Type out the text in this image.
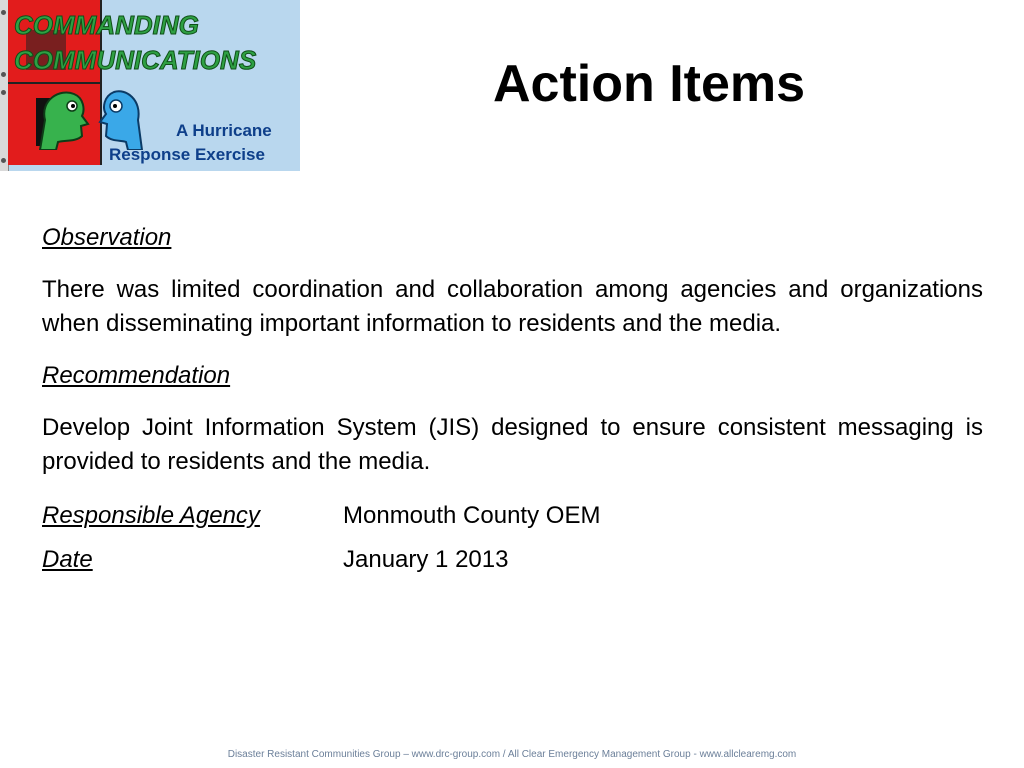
COMMANDING
COMMUNICATIONS
A Hurricane
Response Exercise
Action Items
Observation

There was limited coordination and collaboration among agencies and organizations when disseminating important information to residents and the media.

Recommendation

Develop Joint Information System (JIS) designed to ensure consistent messaging is provided to residents and the media.

Responsible Agency	Monmouth County OEM
Date	January 1 2013
Disaster Resistant Communities Group – www.drc-group.com / All Clear Emergency Management Group - www.allclearemg.com
